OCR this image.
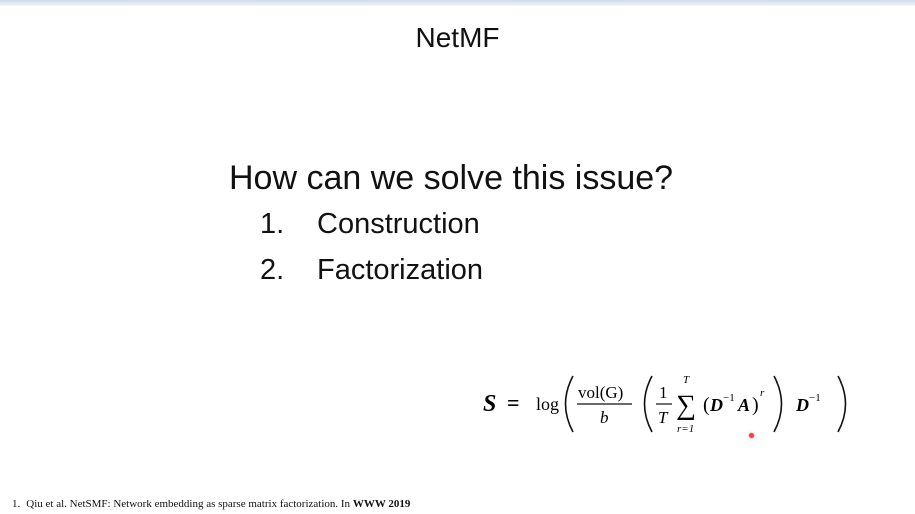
NetMF
How can we solve this issue?
1. Construction
2. Factorization
S = log
vol(G)
b
1
T
T
∑
r=1
( D −1 A )
r
D −1
1. Qiu et al. NetSMF: Network embedding as sparse matrix factorization. In WWW 2019
